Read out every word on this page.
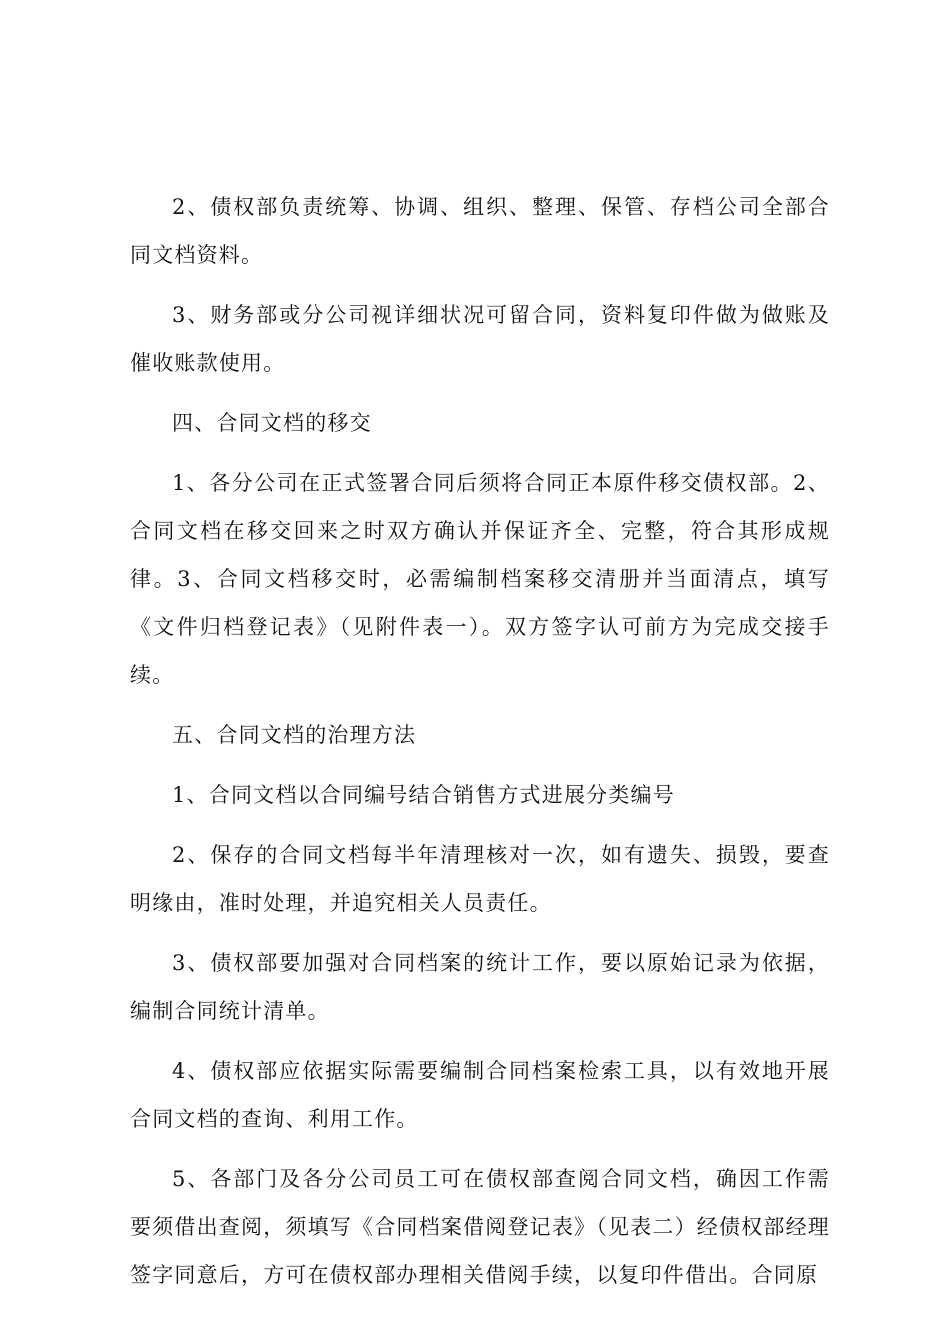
2、债权部负责统筹、协调、组织、整理、保管、存档公司全部合同文档资料。

3、财务部或分公司视详细状况可留合同，资料复印件做为做账及催收账款使用。

四、合同文档的移交

1、各分公司在正式签署合同后须将合同正本原件移交债权部。2、合同文档在移交回来之时双方确认并保证齐全、完整，符合其形成规律。3、合同文档移交时，必需编制档案移交清册并当面清点，填写《文件归档登记表》（见附件表一）。双方签字认可前方为完成交接手续。

五、合同文档的治理方法

1、合同文档以合同编号结合销售方式进展分类编号

2、保存的合同文档每半年清理核对一次，如有遗失、损毁，要查明缘由，准时处理，并追究相关人员责任。

3、债权部要加强对合同档案的统计工作，要以原始记录为依据，编制合同统计清单。

4、债权部应依据实际需要编制合同档案检索工具，以有效地开展合同文档的查询、利用工作。

5、各部门及各分公司员工可在债权部查阅合同文档，确因工作需要须借出查阅，须填写《合同档案借阅登记表》（见表二）经债权部经理签字同意后，方可在债权部办理相关借阅手续，以复印件借出。合同原
